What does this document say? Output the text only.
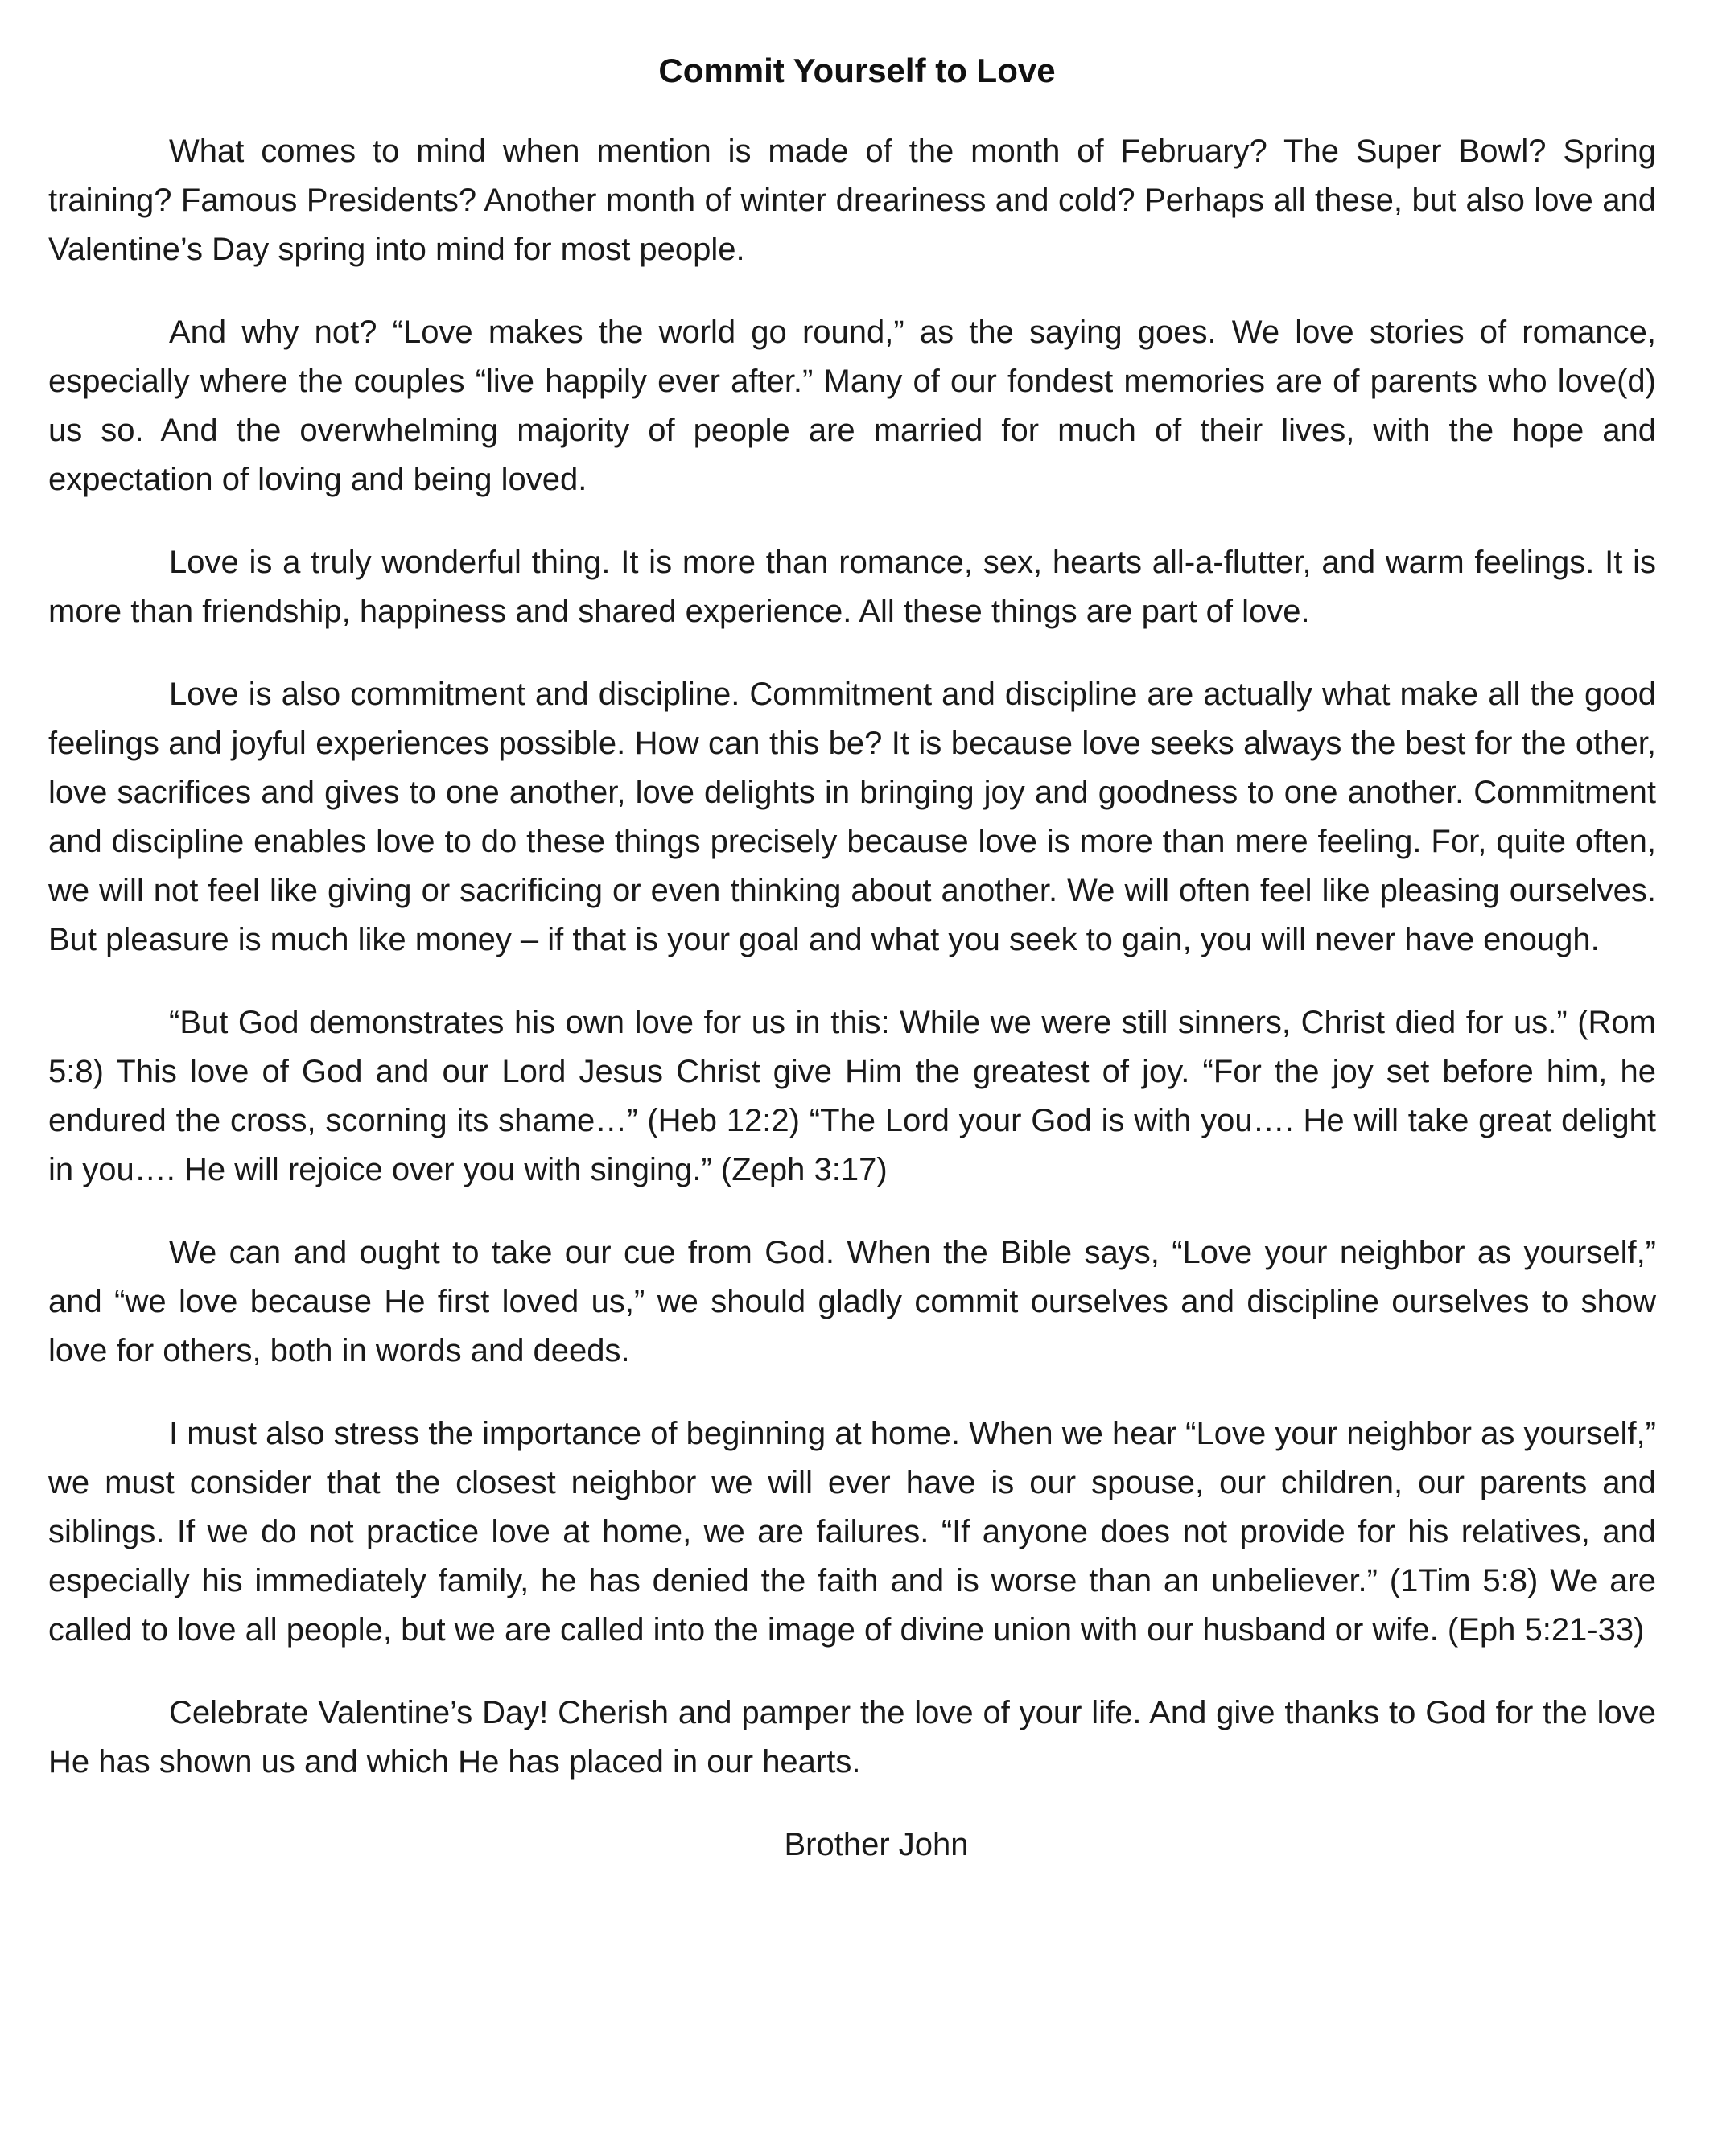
Commit Yourself to Love

What comes to mind when mention is made of the month of February? The Super Bowl? Spring training? Famous Presidents? Another month of winter dreariness and cold? Perhaps all these, but also love and Valentine’s Day spring into mind for most people.

And why not? “Love makes the world go round,” as the saying goes. We love stories of romance, especially where the couples “live happily ever after.” Many of our fondest memories are of parents who love(d) us so. And the overwhelming majority of people are married for much of their lives, with the hope and expectation of loving and being loved.

Love is a truly wonderful thing. It is more than romance, sex, hearts all-a-flutter, and warm feelings. It is more than friendship, happiness and shared experience. All these things are part of love.

Love is also commitment and discipline. Commitment and discipline are actually what make all the good feelings and joyful experiences possible. How can this be? It is because love seeks always the best for the other, love sacrifices and gives to one another, love delights in bringing joy and goodness to one another. Commitment and discipline enables love to do these things precisely because love is more than mere feeling. For, quite often, we will not feel like giving or sacrificing or even thinking about another. We will often feel like pleasing ourselves. But pleasure is much like money – if that is your goal and what you seek to gain, you will never have enough.

“But God demonstrates his own love for us in this: While we were still sinners, Christ died for us.” (Rom 5:8) This love of God and our Lord Jesus Christ give Him the greatest of joy. “For the joy set before him, he endured the cross, scorning its shame…” (Heb 12:2) “The Lord your God is with you…. He will take great delight in you…. He will rejoice over you with singing.” (Zeph 3:17)

We can and ought to take our cue from God. When the Bible says, “Love your neighbor as yourself,” and “we love because He first loved us,” we should gladly commit ourselves and discipline ourselves to show love for others, both in words and deeds.

I must also stress the importance of beginning at home. When we hear “Love your neighbor as yourself,” we must consider that the closest neighbor we will ever have is our spouse, our children, our parents and siblings. If we do not practice love at home, we are failures. “If anyone does not provide for his relatives, and especially his immediately family, he has denied the faith and is worse than an unbeliever.” (1Tim 5:8) We are called to love all people, but we are called into the image of divine union with our husband or wife. (Eph 5:21-33)

Celebrate Valentine’s Day! Cherish and pamper the love of your life. And give thanks to God for the love He has shown us and which He has placed in our hearts.

Brother John
